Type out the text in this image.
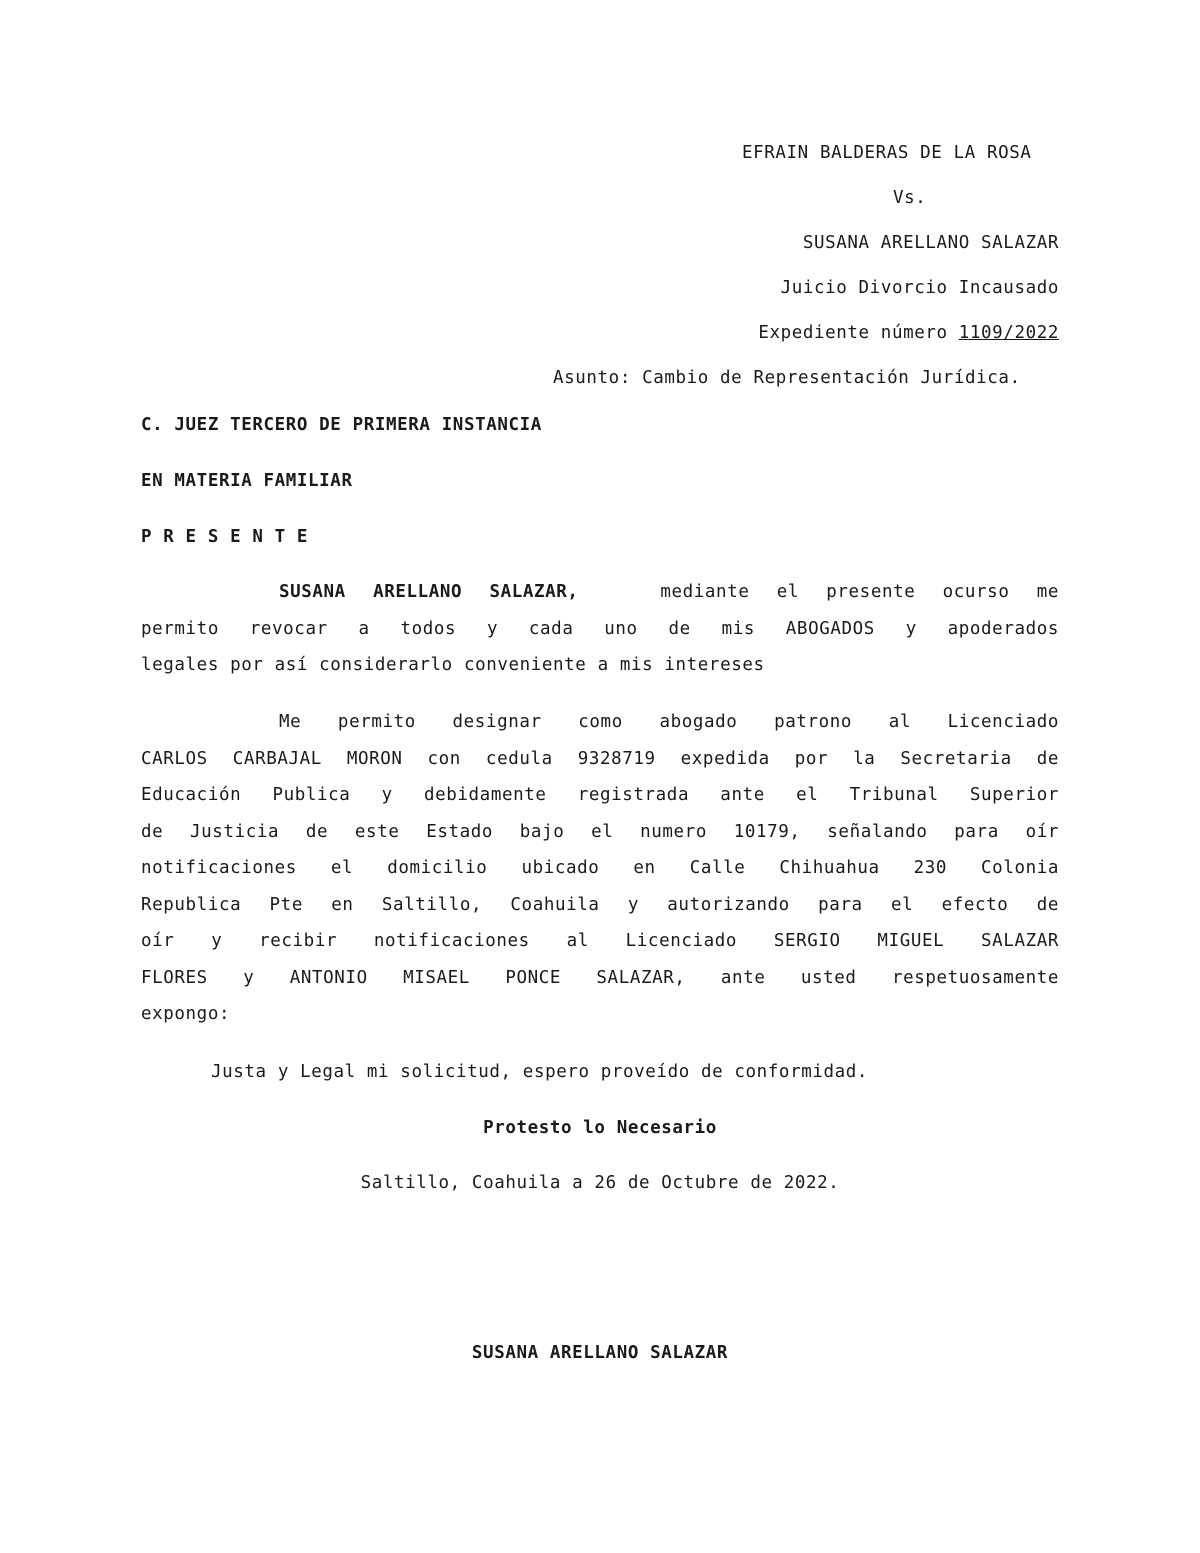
EFRAIN BALDERAS DE LA ROSA
Vs.
SUSANA ARELLANO SALAZAR
Juicio Divorcio Incausado
Expediente número 1109/2022
Asunto: Cambio de Representación Jurídica.
C. JUEZ TERCERO DE PRIMERA INSTANCIA
EN MATERIA FAMILIAR
P R E S E N T E
SUSANA ARELLANO SALAZAR,	mediante el presente ocurso me
permito revocar a todos y cada uno de mis ABOGADOS y apoderados
legales por así considerarlo conveniente a mis intereses
Me permito designar como abogado patrono al Licenciado
CARLOS CARBAJAL MORON con cedula 9328719 expedida por la Secretaria de
Educación Publica y debidamente registrada ante el Tribunal Superior
de Justicia de este Estado bajo el numero 10179, señalando para oír
notificaciones el domicilio ubicado en Calle Chihuahua 230 Colonia
Republica Pte en Saltillo, Coahuila y autorizando para el efecto de
oír y recibir notificaciones al Licenciado SERGIO MIGUEL SALAZAR
FLORES y ANTONIO MISAEL PONCE SALAZAR, ante usted respetuosamente
expongo:
Justa y Legal mi solicitud, espero proveído de conformidad.
Protesto lo Necesario
Saltillo, Coahuila a 26 de Octubre de 2022.
SUSANA ARELLANO SALAZAR
